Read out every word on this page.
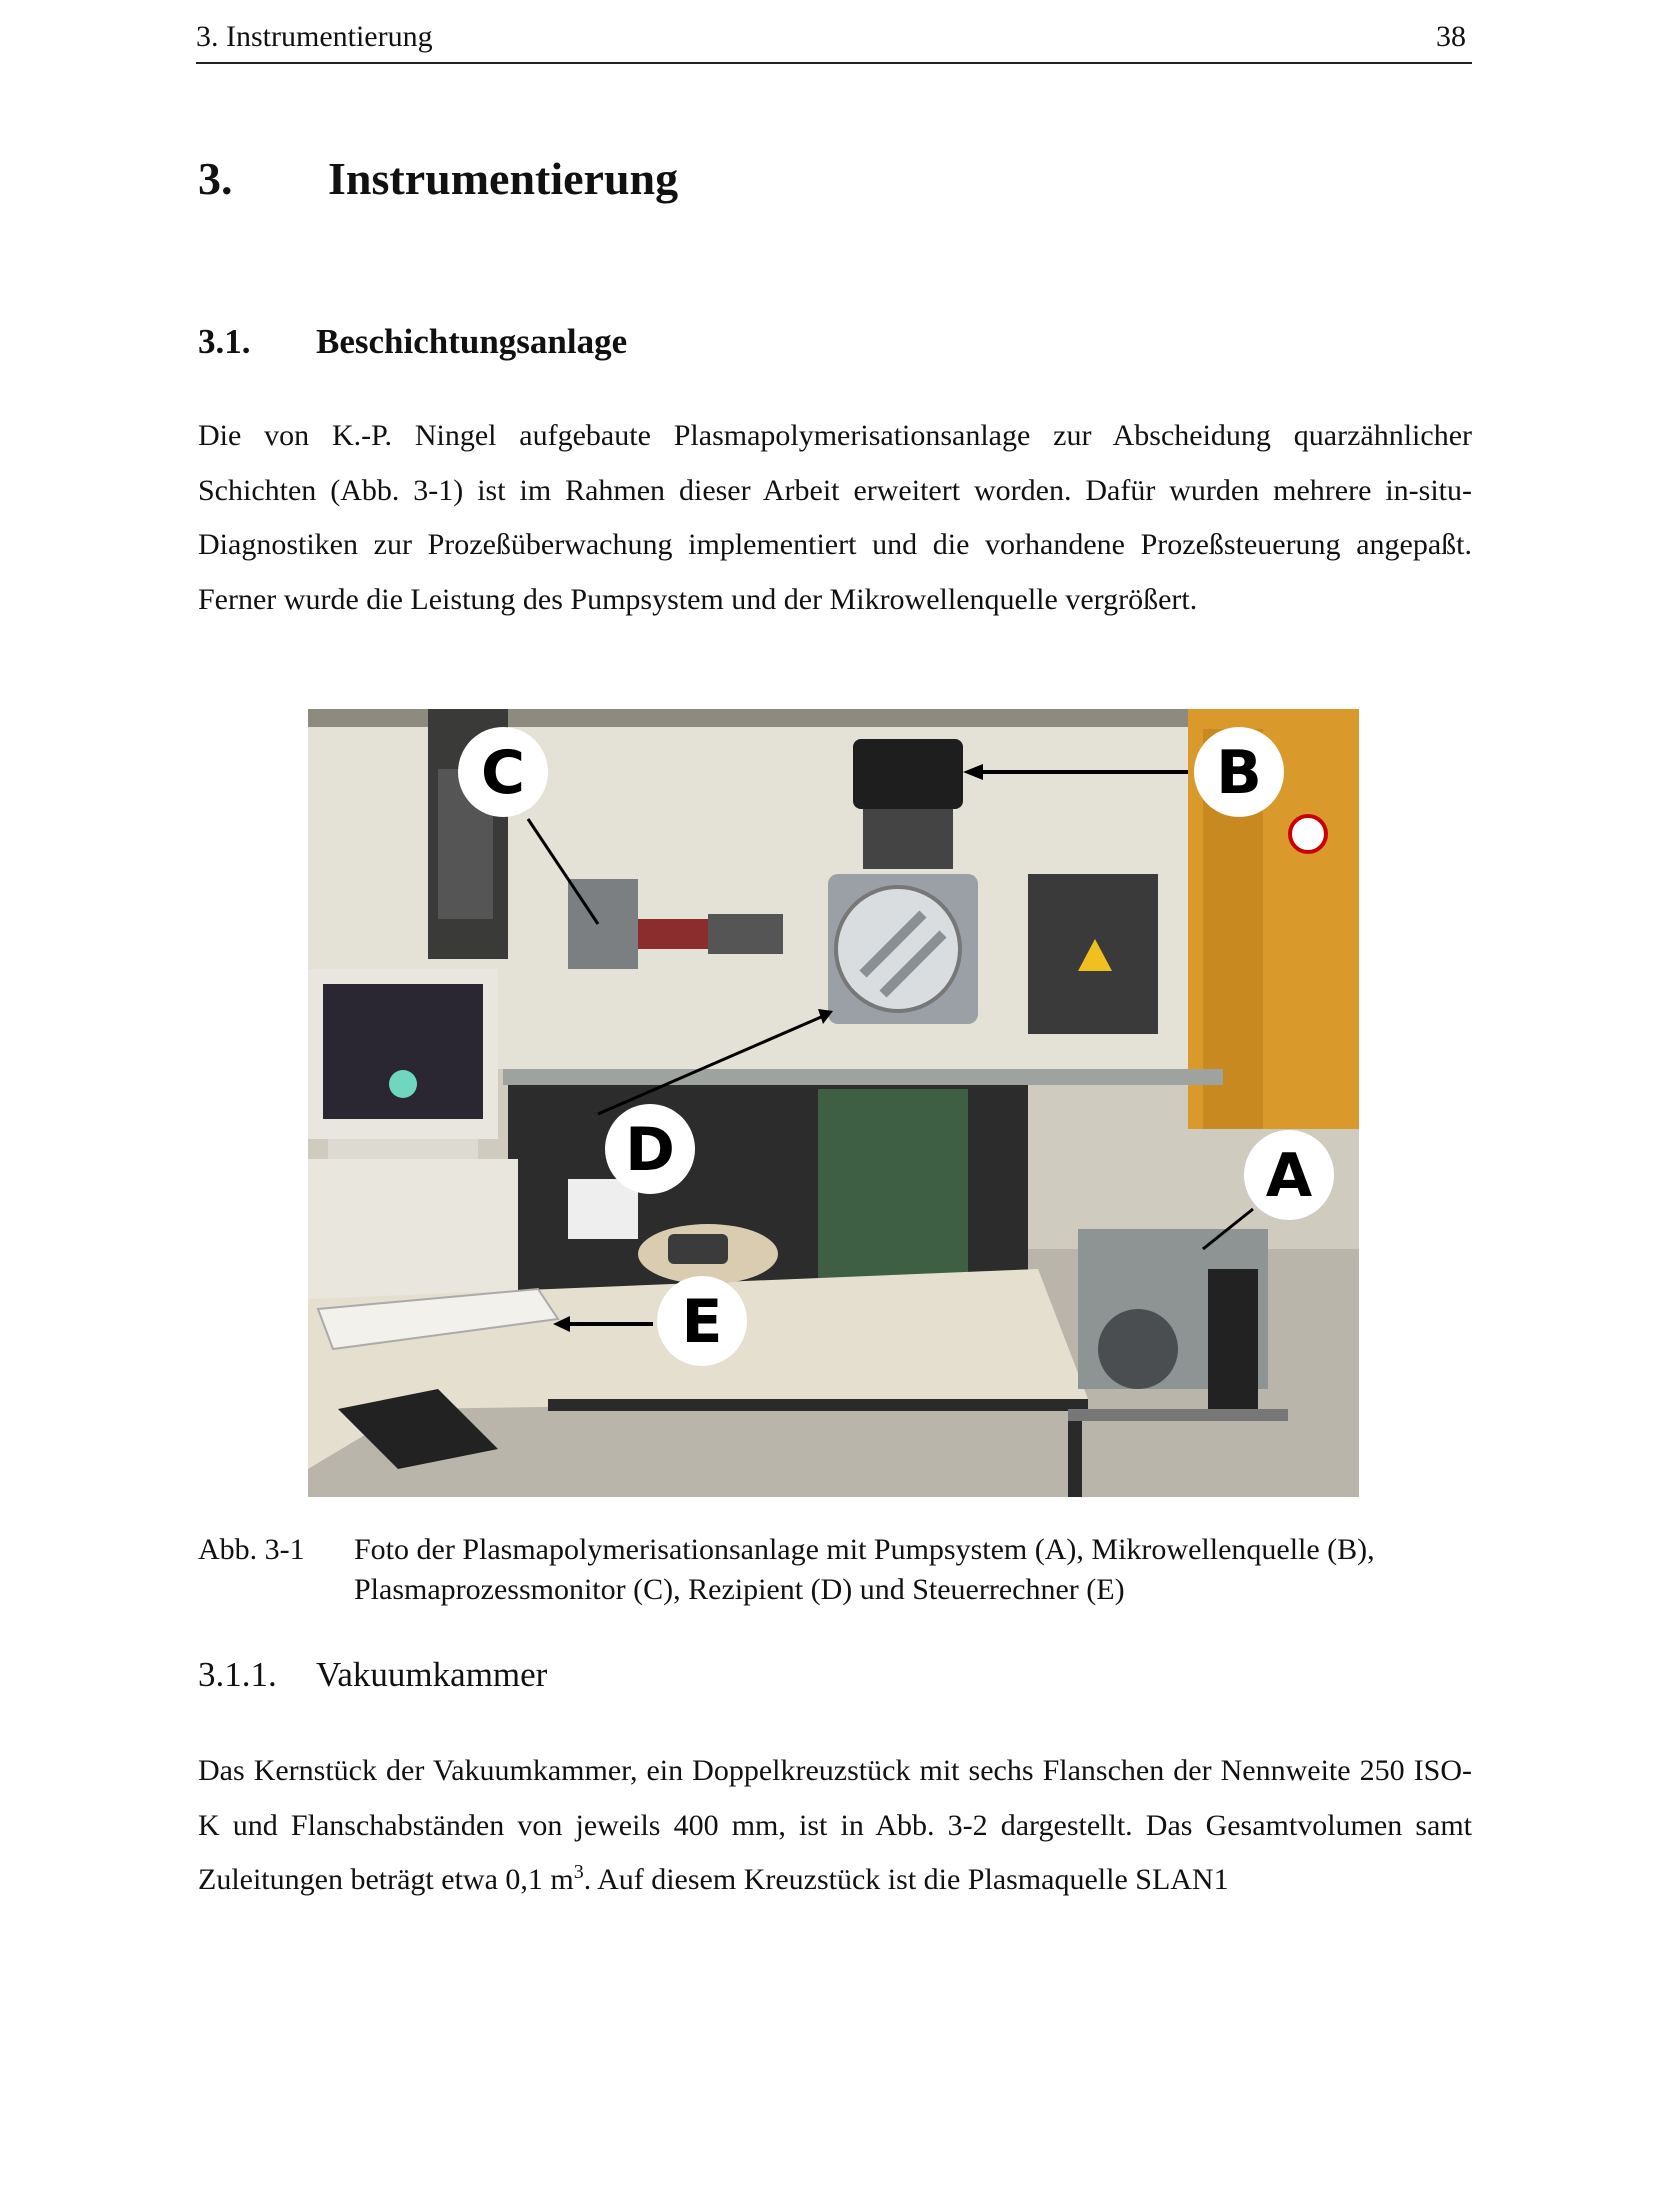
3. Instrumentierung	38
3. Instrumentierung
3.1. Beschichtungsanlage

Die von K.-P. Ningel aufgebaute Plasmapolymerisationsanlage zur Abscheidung quarzähnlicher Schichten (Abb. 3-1) ist im Rahmen dieser Arbeit erweitert worden. Dafür wurden mehrere in-situ-Diagnostiken zur Prozeßüberwachung implementiert und die vorhandene Prozeßsteuerung angepaßt. Ferner wurde die Leistung des Pumpsystem und der Mikrowellenquelle vergrößert.

C	B
D	A
E
Abb. 3-1 Foto der Plasmapolymerisationsanlage mit Pumpsystem (A), Mikrowellenquelle (B), Plasmaprozessmonitor (C), Rezipient (D) und Steuerrechner (E)
3.1.1. Vakuumkammer

Das Kernstück der Vakuumkammer, ein Doppelkreuzstück mit sechs Flanschen der Nennweite 250 ISO-K und Flanschabständen von jeweils 400 mm, ist in Abb. 3-2 dargestellt. Das Gesamtvolumen samt Zuleitungen beträgt etwa 0,1 $m^3$. Auf diesem Kreuzstück ist die Plasmaquelle SLAN1
